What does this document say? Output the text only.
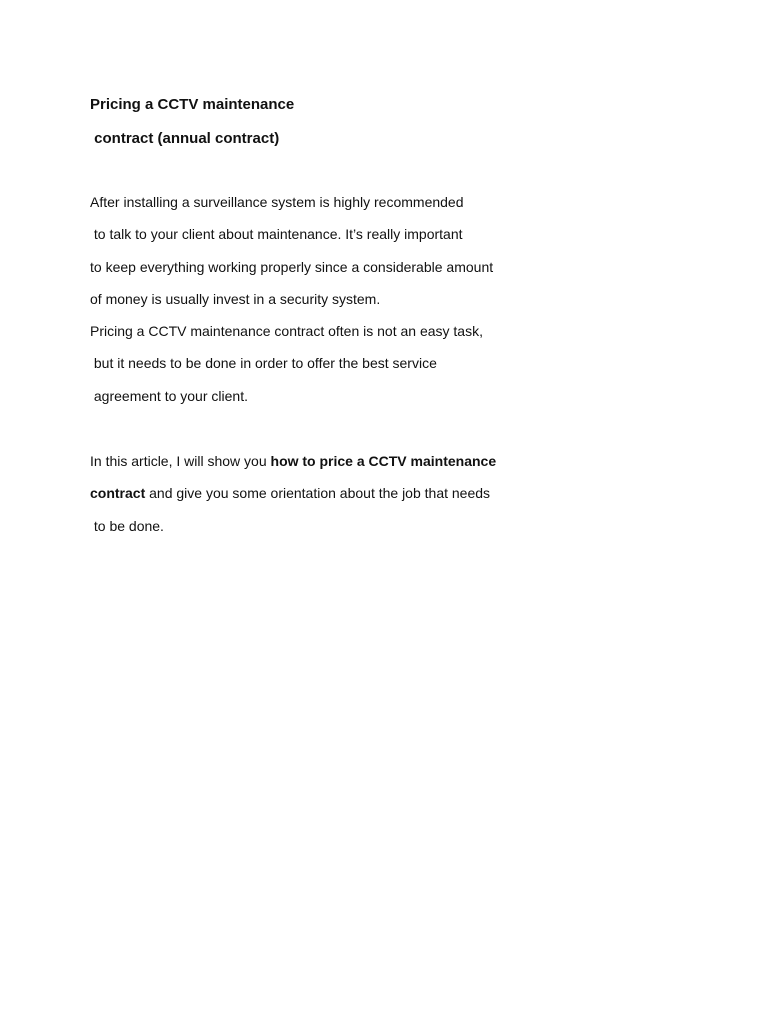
Pricing a CCTV maintenance

contract (annual contract)

After installing a surveillance system is highly recommended

to talk to your client about maintenance. It’s really important

to keep everything working properly since a considerable amount

of money is usually invest in a security system.

Pricing a CCTV maintenance contract often is not an easy task,

but it needs to be done in order to offer the best service

agreement to your client.

In this article, I will show you how to price a CCTV maintenance

contract and give you some orientation about the job that needs

to be done.
